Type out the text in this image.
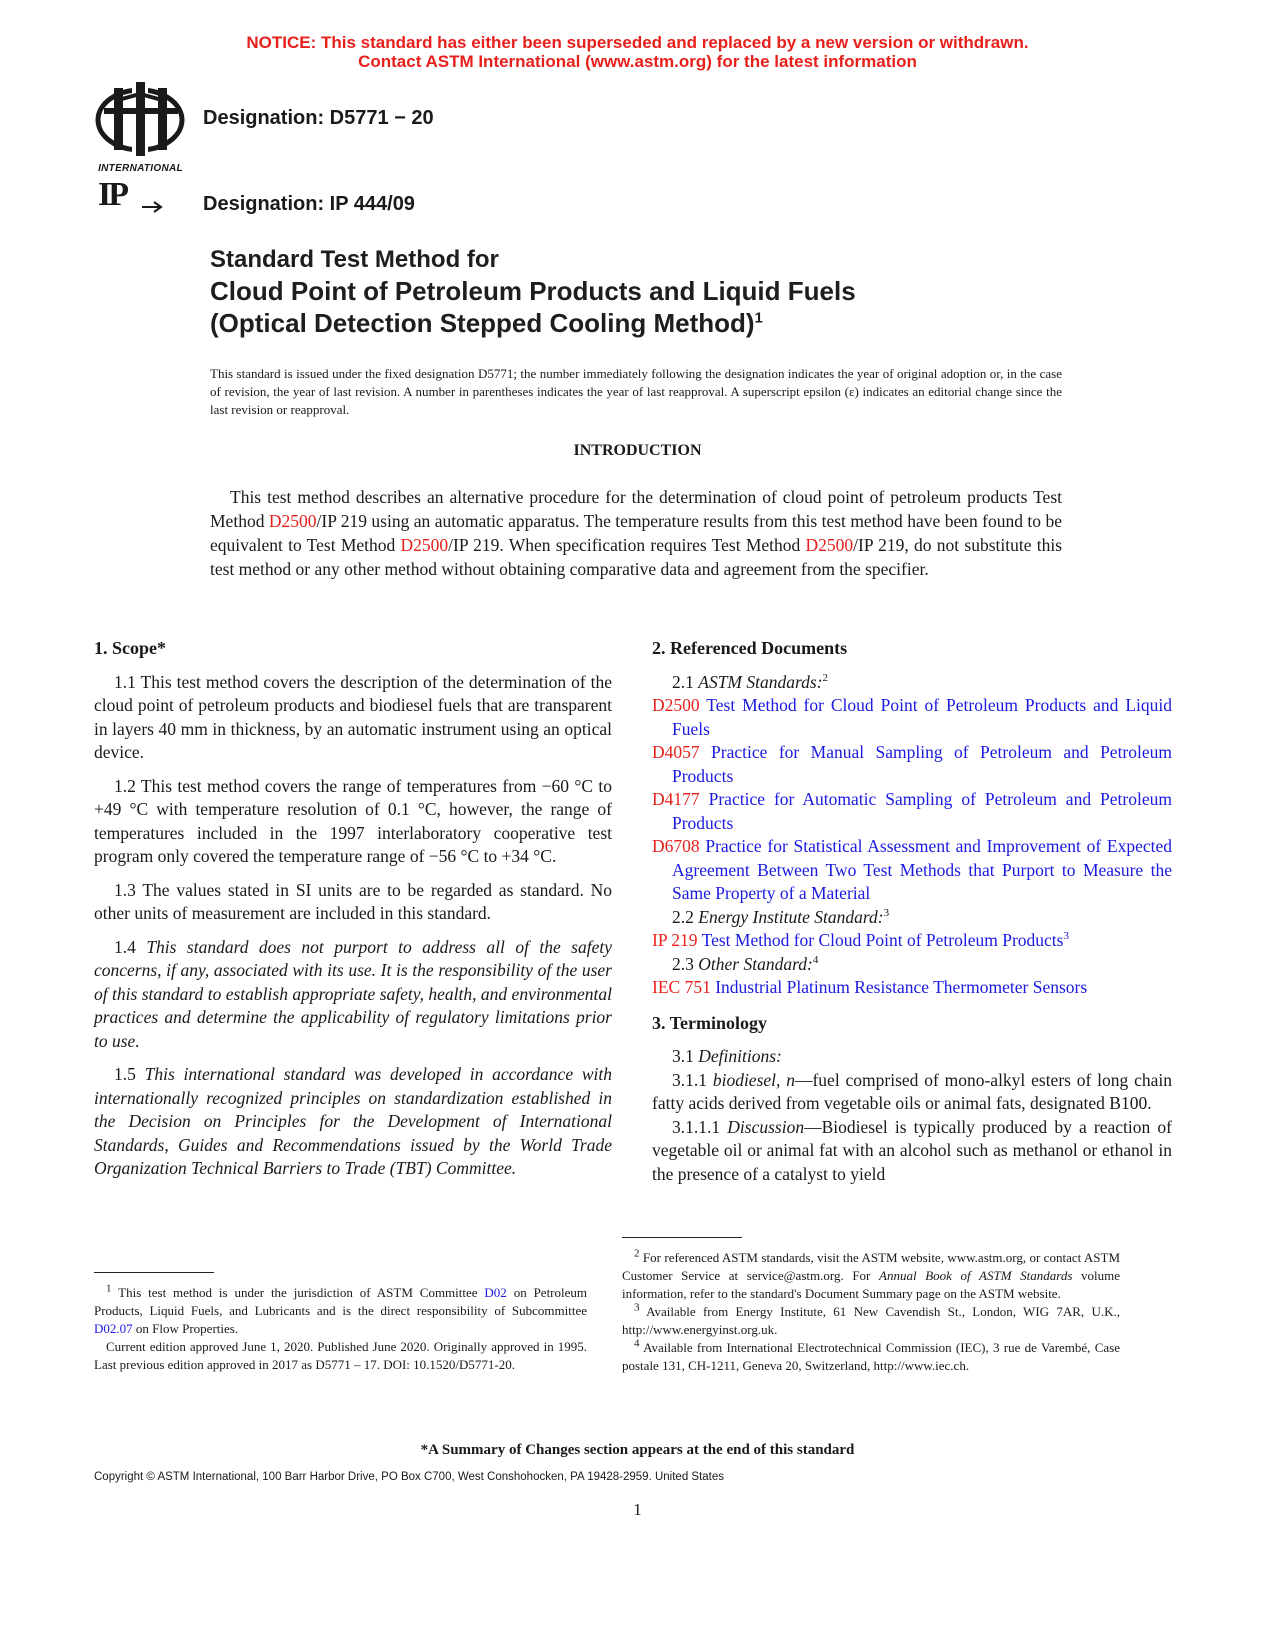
NOTICE: This standard has either been superseded and replaced by a new version or withdrawn.
Contact ASTM International (www.astm.org) for the latest information
INTERNATIONAL
Designation: D5771 − 20
IP	Designation: IP 444/09
Standard Test Method for
Cloud Point of Petroleum Products and Liquid Fuels
(Optical Detection Stepped Cooling Method)$^1$
This standard is issued under the fixed designation D5771; the number immediately following the designation indicates the year of original adoption or, in the case of revision, the year of last revision. A number in parentheses indicates the year of last reapproval. A superscript epsilon (ε) indicates an editorial change since the last revision or reapproval.
INTRODUCTION
This test method describes an alternative procedure for the determination of cloud point of petroleum products Test Method D2500/IP 219 using an automatic apparatus. The temperature results from this test method have been found to be equivalent to Test Method D2500/IP 219. When specification requires Test Method D2500/IP 219, do not substitute this test method or any other method without obtaining comparative data and agreement from the specifier.
1. Scope*

1.1 This test method covers the description of the determination of the cloud point of petroleum products and biodiesel fuels that are transparent in layers 40 mm in thickness, by an automatic instrument using an optical device.

1.2 This test method covers the range of temperatures from −60 °C to +49 °C with temperature resolution of 0.1 °C, however, the range of temperatures included in the 1997 interlaboratory cooperative test program only covered the temperature range of −56 °C to +34 °C.

1.3 The values stated in SI units are to be regarded as standard. No other units of measurement are included in this standard.

1.4 This standard does not purport to address all of the safety concerns, if any, associated with its use. It is the responsibility of the user of this standard to establish appropriate safety, health, and environmental practices and determine the applicability of regulatory limitations prior to use.

1.5 This international standard was developed in accordance with internationally recognized principles on standardization established in the Decision on Principles for the Development of International Standards, Guides and Recommendations issued by the World Trade Organization Technical Barriers to Trade (TBT) Committee.

$^1$ This test method is under the jurisdiction of ASTM Committee D02 on Petroleum Products, Liquid Fuels, and Lubricants and is the direct responsibility of Subcommittee D02.07 on Flow Properties.

Current edition approved June 1, 2020. Published June 2020. Originally approved in 1995. Last previous edition approved in 2017 as D5771 – 17. DOI: 10.1520/D5771-20.

2. Referenced Documents

2.1 ASTM Standards:$^2$

D2500 Test Method for Cloud Point of Petroleum Products and Liquid Fuels

D4057 Practice for Manual Sampling of Petroleum and Petroleum Products

D4177 Practice for Automatic Sampling of Petroleum and Petroleum Products

D6708 Practice for Statistical Assessment and Improvement of Expected Agreement Between Two Test Methods that Purport to Measure the Same Property of a Material

2.2 Energy Institute Standard:$^3$

IP 219 Test Method for Cloud Point of Petroleum Products$^3$

2.3 Other Standard:$^4$

IEC 751 Industrial Platinum Resistance Thermometer Sensors

3. Terminology

3.1 Definitions:

3.1.1 biodiesel, n—fuel comprised of mono-alkyl esters of long chain fatty acids derived from vegetable oils or animal fats, designated B100.

3.1.1.1 Discussion—Biodiesel is typically produced by a reaction of vegetable oil or animal fat with an alcohol such as methanol or ethanol in the presence of a catalyst to yield

$^2$ For referenced ASTM standards, visit the ASTM website, www.astm.org, or contact ASTM Customer Service at service@astm.org. For Annual Book of ASTM Standards volume information, refer to the standard's Document Summary page on the ASTM website.

$^3$ Available from Energy Institute, 61 New Cavendish St., London, WIG 7AR, U.K., http://www.energyinst.org.uk.

$^4$ Available from International Electrotechnical Commission (IEC), 3 rue de Varembé, Case postale 131, CH-1211, Geneva 20, Switzerland, http://www.iec.ch.

*A Summary of Changes section appears at the end of this standard
Copyright © ASTM International, 100 Barr Harbor Drive, PO Box C700, West Conshohocken, PA 19428-2959. United States
1
